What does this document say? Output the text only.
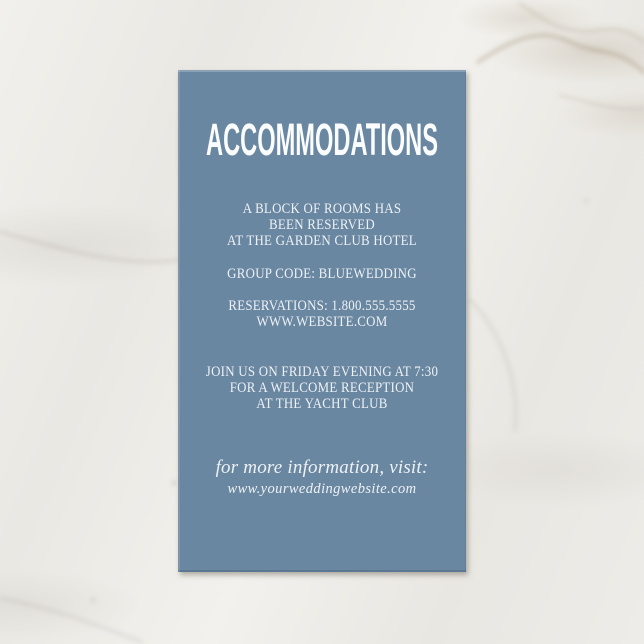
ACCOMMODATIONS
A BLOCK OF ROOMS HAS
BEEN RESERVED
AT THE GARDEN CLUB HOTEL
GROUP CODE: BLUEWEDDING
RESERVATIONS: 1.800.555.5555
WWW.WEBSITE.COM
JOIN US ON FRIDAY EVENING AT 7:30
FOR A WELCOME RECEPTION
AT THE YACHT CLUB
for more information, visit:
www.yourweddingwebsite.com
